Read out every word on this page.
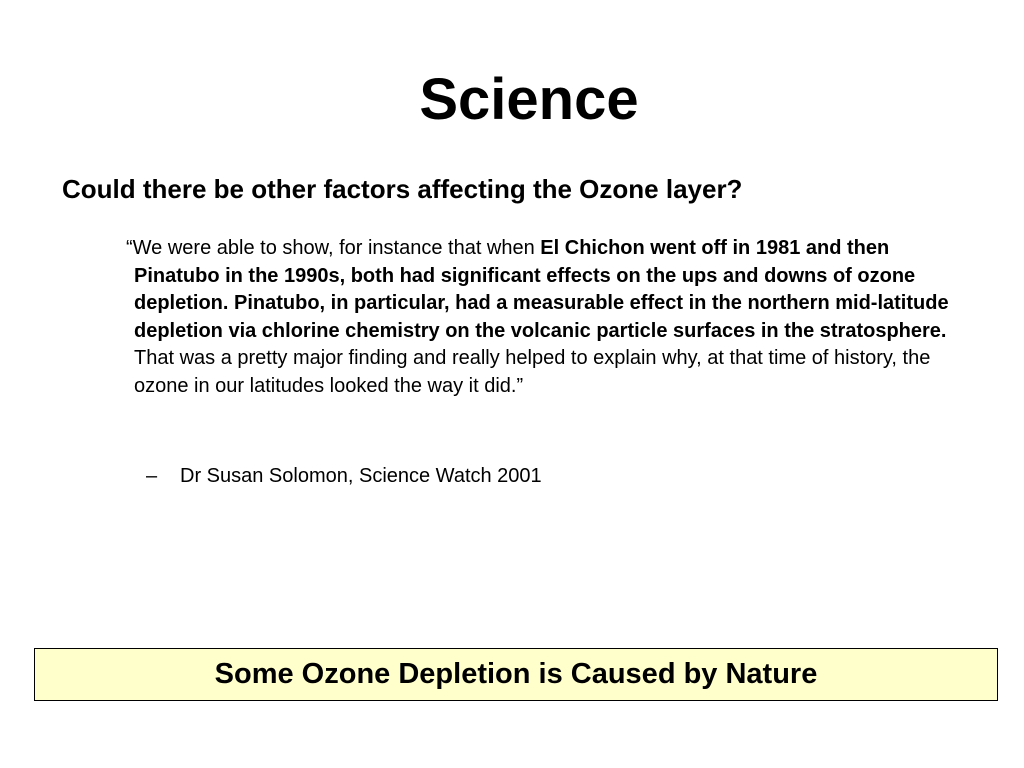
Science
Could there be other factors affecting the Ozone layer?

“We were able to show, for instance that when El Chichon went off in 1981 and then Pinatubo in the 1990s, both had significant effects on the ups and downs of ozone depletion. Pinatubo, in particular, had a measurable effect in the northern mid-latitude depletion via chlorine chemistry on the volcanic particle surfaces in the stratosphere. That was a pretty major finding and really helped to explain why, at that time of history, the ozone in our latitudes looked the way it did.”

– Dr Susan Solomon, Science Watch 2001

Some Ozone Depletion is Caused by Nature
